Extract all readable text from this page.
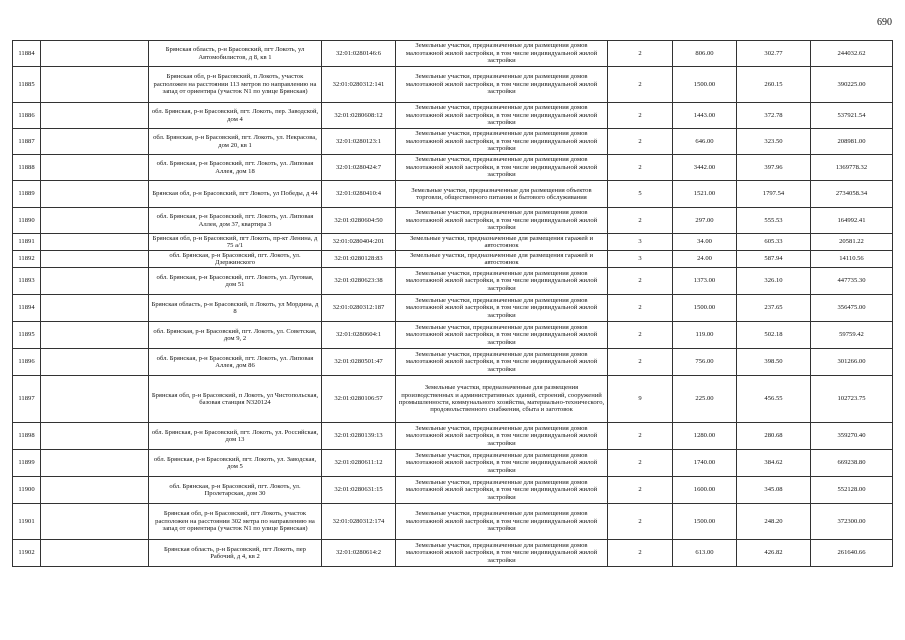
690
11884		Брянская область, р-н Брасовский, пгт Локоть, ул Автомобилистов, д 8, кв 1	32:01:0280146:6	Земельные участки, предназначенные для размещения домов малоэтажной жилой застройки, в том числе индивидуальной жилой застройки	2	806.00	302.77	244032.62
11885		Брянская обл, р-н Брасовский, п Локоть, участок расположен на расстоянии 113 метров по направлению на запад от ориентира (участок N1 по улице Брянская)	32:01:0280312:141	Земельные участки, предназначенные для размещения домов малоэтажной жилой застройки, в том числе индивидуальной жилой застройки	2	1500.00	260.15	390225.00
11886		обл. Брянская, р-н Брасовский, пгт. Локоть, пер. Заводской, дом 4	32:01:0280608:12	Земельные участки, предназначенные для размещения домов малоэтажной жилой застройки, в том числе индивидуальной жилой застройки	2	1443.00	372.78	537921.54
11887		обл. Брянская, р-н Брасовский, пгт. Локоть, ул. Некрасова, дом 20, кв 1	32:01:0280123:1	Земельные участки, предназначенные для размещения домов малоэтажной жилой застройки, в том числе индивидуальной жилой застройки	2	646.00	323.50	208981.00
11888		обл. Брянская, р-н Брасовский, пгт. Локоть, ул. Липовая Аллея, дом 18	32:01:0280424:7	Земельные участки, предназначенные для размещения домов малоэтажной жилой застройки, в том числе индивидуальной жилой застройки	2	3442.00	397.96	1369778.32
11889		Брянская обл, р-н Брасовский, пгт Локоть, ул Победы, д 44	32:01:0280410:4	Земельные участки, предназначенные для размещения объектов торговли, общественного питания и бытового обслуживания	5	1521.00	1797.54	2734058.34
11890		обл. Брянская, р-н Брасовский, пгт. Локоть, ул. Липовая Аллея, дом 37, квартира 3	32:01:0280604:50	Земельные участки, предназначенные для размещения домов малоэтажной жилой застройки, в том числе индивидуальной жилой застройки	2	297.00	555.53	164992.41
11891		Брянская обл, р-н Брасовский, пгт Локоть, пр-кт Ленина, д 75 а/1	32:01:0280404:201	Земельные участки, предназначенные для размещения гаражей и автостоянок	3	34.00	605.33	20581.22
11892		обл. Брянская, р-н Брасовский, пгт. Локоть, ул. Дзержинского	32:01:0280128:83	Земельные участки, предназначенные для размещения гаражей и автостоянок	3	24.00	587.94	14110.56
11893		обл. Брянская, р-н Брасовский, пгт. Локоть, ул. Луговая, дом 51	32:01:0280623:38	Земельные участки, предназначенные для размещения домов малоэтажной жилой застройки, в том числе индивидуальной жилой застройки	2	1373.00	326.10	447735.30
11894		Брянская область, р-н Брасовский, п Локоть, ул Мордина, д 8	32:01:0280312:187	Земельные участки, предназначенные для размещения домов малоэтажной жилой застройки, в том числе индивидуальной жилой застройки	2	1500.00	237.65	356475.00
11895		обл. Брянская, р-н Брасовский, пгт. Локоть, ул. Советская, дом 9, 2	32:01:0280604:1	Земельные участки, предназначенные для размещения домов малоэтажной жилой застройки, в том числе индивидуальной жилой застройки	2	119.00	502.18	59759.42
11896		обл. Брянская, р-н Брасовский, пгт. Локоть, ул. Липовая Аллея, дом 86	32:01:0280501:47	Земельные участки, предназначенные для размещения домов малоэтажной жилой застройки, в том числе индивидуальной жилой застройки	2	756.00	398.50	301266.00
11897		Брянская обл, р-н Брасовский, п Локоть, ул Чистопольская, базовая станция N320124	32:01:0280106:57	Земельные участки, предназначенные для размещения производственных и административных зданий, строений, сооружений промышленности, коммунального хозяйства, материально-технического, продовольственного снабжения, сбыта и заготовок	9	225.00	456.55	102723.75
11898		обл. Брянская, р-н Брасовский, пгт. Локоть, ул. Российская, дом 13	32:01:0280139:13	Земельные участки, предназначенные для размещения домов малоэтажной жилой застройки, в том числе индивидуальной жилой застройки	2	1280.00	280.68	359270.40
11899		обл. Брянская, р-н Брасовский, пгт. Локоть, ул. Заводская, дом 5	32:01:0280611:12	Земельные участки, предназначенные для размещения домов малоэтажной жилой застройки, в том числе индивидуальной жилой застройки	2	1740.00	384.62	669238.80
11900		обл. Брянская, р-н Брасовский, пгт. Локоть, ул. Пролетарская, дом 30	32:01:0280631:15	Земельные участки, предназначенные для размещения домов малоэтажной жилой застройки, в том числе индивидуальной жилой застройки	2	1600.00	345.08	552128.00
11901		Брянская обл, р-н Брасовский, пгт Локоть, участок расположен на расстоянии 302 метра по направлению на запад от ориентира (участок N1 по улице Брянская)	32:01:0280312:174	Земельные участки, предназначенные для размещения домов малоэтажной жилой застройки, в том числе индивидуальной жилой застройки	2	1500.00	248.20	372300.00
11902		Брянская область, р-н Брасовский, пгт Локоть, пер Рабочий, д 4, кв 2	32:01:0280614:2	Земельные участки, предназначенные для размещения домов малоэтажной жилой застройки, в том числе индивидуальной жилой застройки	2	613.00	426.82	261640.66
